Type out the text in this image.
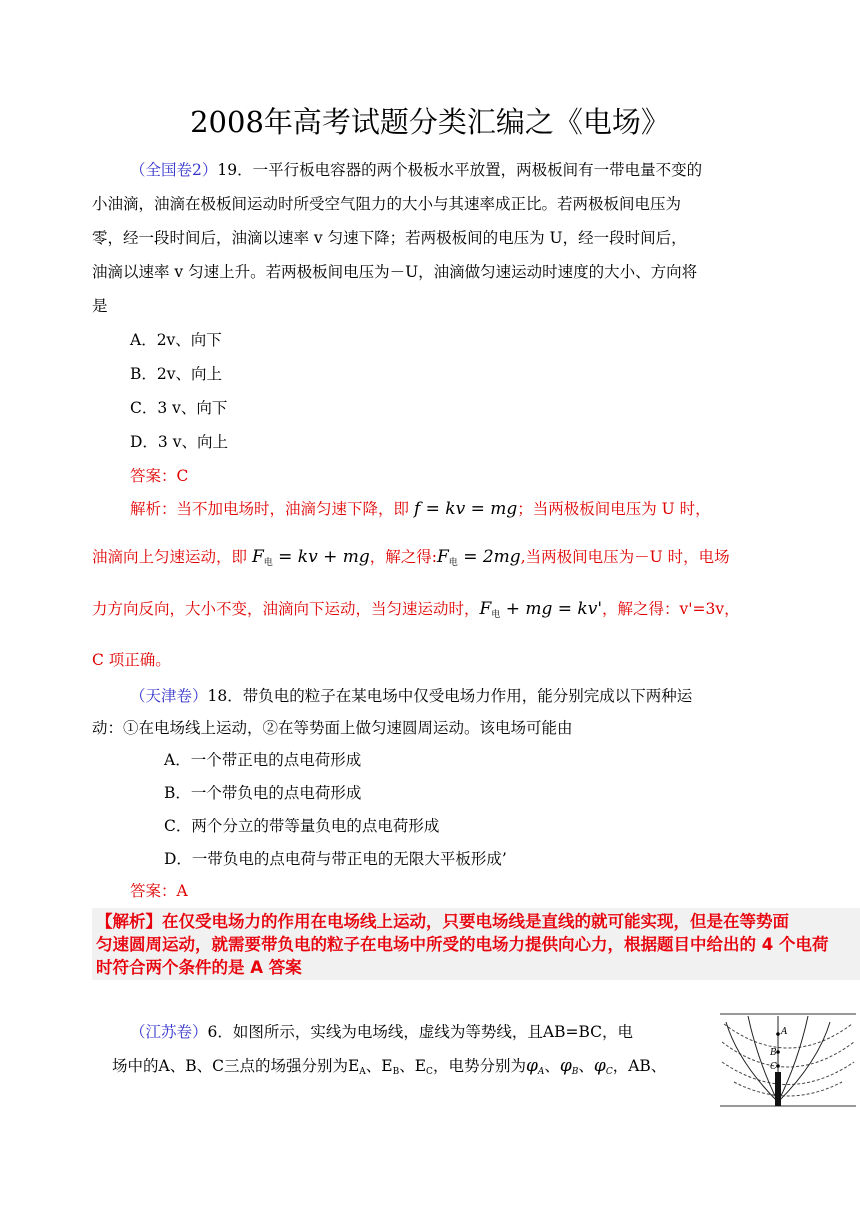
2008年高考试题分类汇编之《电场》
（全国卷2）19．一平行板电容器的两个极板水平放置，两极板间有一带电量不变的
小油滴，油滴在极板间运动时所受空气阻力的大小与其速率成正比。若两极板间电压为
零，经一段时间后，油滴以速率 v 匀速下降；若两极板间的电压为 U，经一段时间后，
油滴以速率 v 匀速上升。若两极板间电压为－U，油滴做匀速运动时速度的大小、方向将
是
A．2v、向下
B．2v、向上
C．3 v、向下
D．3 v、向上
答案：C
解析：当不加电场时，油滴匀速下降，即 f = kv = mg；当两极板间电压为 U 时，
油滴向上匀速运动，即 $F_电$ = kv + mg，解之得$:F_电 = 2mg$,当两极间电压为－U 时，电场
力方向反向，大小不变，油滴向下运动，当匀速运动时，$F_电$ + mg = kv'，解之得：v'=3v，
C 项正确。
（天津卷）18．带负电的粒子在某电场中仅受电场力作用，能分别完成以下两种运
动：①在电场线上运动，②在等势面上做匀速圆周运动。该电场可能由
A．一个带正电的点电荷形成
B．一个带负电的点电荷形成
C．两个分立的带等量负电的点电荷形成
D．一带负电的点电荷与带正电的无限大平板形成’
答案：A
【解析】在仅受电场力的作用在电场线上运动，只要电场线是直线的就可能实现，但是在等势面
匀速圆周运动，就需要带负电的粒子在电场中所受的电场力提供向心力，根据题目中给出的 4 个电荷
时符合两个条件的是 A 答案
（江苏卷）6．如图所示，实线为电场线，虚线为等势线，且AB=BC，电
场中的A、B、C三点的场强分别为$E_A$、$E_B$、$E_C$，电势分别为$\varphi_A$、$\varphi_B$、$\varphi_C$，AB、
A
B
C
